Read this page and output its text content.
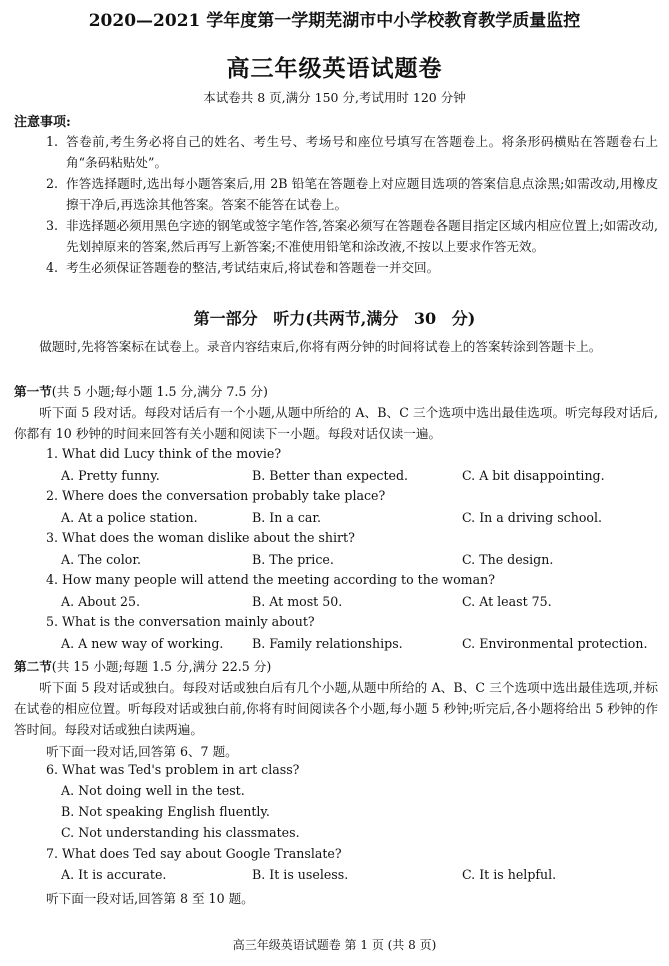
2020—2021 学年度第一学期芜湖市中小学校教育教学质量监控
高三年级英语试题卷
本试卷共 8 页,满分 150 分,考试用时 120 分钟
注意事项:
1. 答卷前,考生务必将自己的姓名、考生号、考场号和座位号填写在答题卷上。将条形码横贴在答题卷右上角“条码粘贴处”。
2. 作答选择题时,选出每小题答案后,用 2B 铅笔在答题卷上对应题目选项的答案信息点涂黑;如需改动,用橡皮擦干净后,再选涂其他答案。答案不能答在试卷上。
3. 非选择题必须用黑色字迹的钢笔或签字笔作答,答案必须写在答题卷各题目指定区域内相应位置上;如需改动,先划掉原来的答案,然后再写上新答案;不准使用铅笔和涂改液,不按以上要求作答无效。
4. 考生必须保证答题卷的整洁,考试结束后,将试卷和答题卷一并交回。
第一部分 听力(共两节,满分 30 分)
做题时,先将答案标在试卷上。录音内容结束后,你将有两分钟的时间将试卷上的答案转涂到答题卡上。
第一节(共 5 小题;每小题 1.5 分,满分 7.5 分)
听下面 5 段对话。每段对话后有一个小题,从题中所给的 A、B、C 三个选项中选出最佳选项。听完每段对话后,你都有 10 秒钟的时间来回答有关小题和阅读下一小题。每段对话仅读一遍。
1. What did Lucy think of the movie?
A. Pretty funny.	B. Better than expected.	C. A bit disappointing.
2. Where does the conversation probably take place?
A. At a police station.	B. In a car.	C. In a driving school.
3. What does the woman dislike about the shirt?
A. The color.	B. The price.	C. The design.
4. How many people will attend the meeting according to the woman?
A. About 25.	B. At most 50.	C. At least 75.
5. What is the conversation mainly about?
A. A new way of working. B. Family relationships.	C. Environmental protection.
第二节(共 15 小题;每题 1.5 分,满分 22.5 分)
听下面 5 段对话或独白。每段对话或独白后有几个小题,从题中所给的 A、B、C 三个选项中选出最佳选项,并标在试卷的相应位置。听每段对话或独白前,你将有时间阅读各个小题,每小题 5 秒钟;听完后,各小题将给出 5 秒钟的作答时间。每段对话或独白读两遍。
听下面一段对话,回答第 6、7 题。
6. What was Ted's problem in art class?
A. Not doing well in the test.
B. Not speaking English fluently.
C. Not understanding his classmates.
7. What does Ted say about Google Translate?
A. It is accurate.	B. It is useless.	C. It is helpful.
听下面一段对话,回答第 8 至 10 题。
高三年级英语试题卷 第 1 页 (共 8 页)
